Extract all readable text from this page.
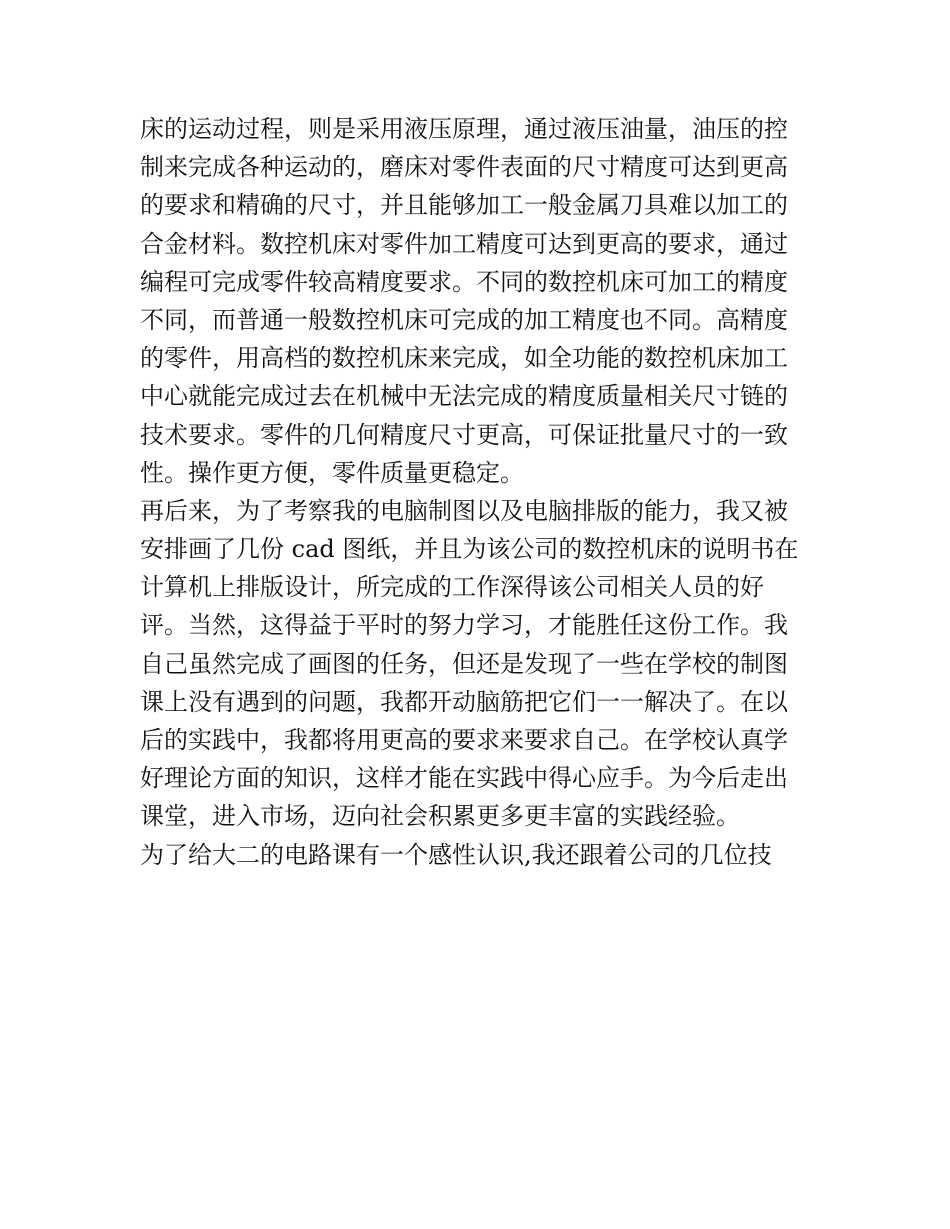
床的运动过程，则是采用液压原理，通过液压油量，油压的控
制来完成各种运动的，磨床对零件表面的尺寸精度可达到更高
的要求和精确的尺寸，并且能够加工一般金属刀具难以加工的
合金材料。数控机床对零件加工精度可达到更高的要求，通过
编程可完成零件较高精度要求。不同的数控机床可加工的精度
不同，而普通一般数控机床可完成的加工精度也不同。高精度
的零件，用高档的数控机床来完成，如全功能的数控机床加工
中心就能完成过去在机械中无法完成的精度质量相关尺寸链的
技术要求。零件的几何精度尺寸更高，可保证批量尺寸的一致
性。操作更方便，零件质量更稳定。
再后来，为了考察我的电脑制图以及电脑排版的能力，我又被
安排画了几份 cad 图纸，并且为该公司的数控机床的说明书在
计算机上排版设计，所完成的工作深得该公司相关人员的好
评。当然，这得益于平时的努力学习，才能胜任这份工作。我
自己虽然完成了画图的任务，但还是发现了一些在学校的制图
课上没有遇到的问题，我都开动脑筋把它们一一解决了。在以
后的实践中，我都将用更高的要求来要求自己。在学校认真学
好理论方面的知识，这样才能在实践中得心应手。为今后走出
课堂，进入市场，迈向社会积累更多更丰富的实践经验。
为了给大二的电路课有一个感性认识,我还跟着公司的几位技
